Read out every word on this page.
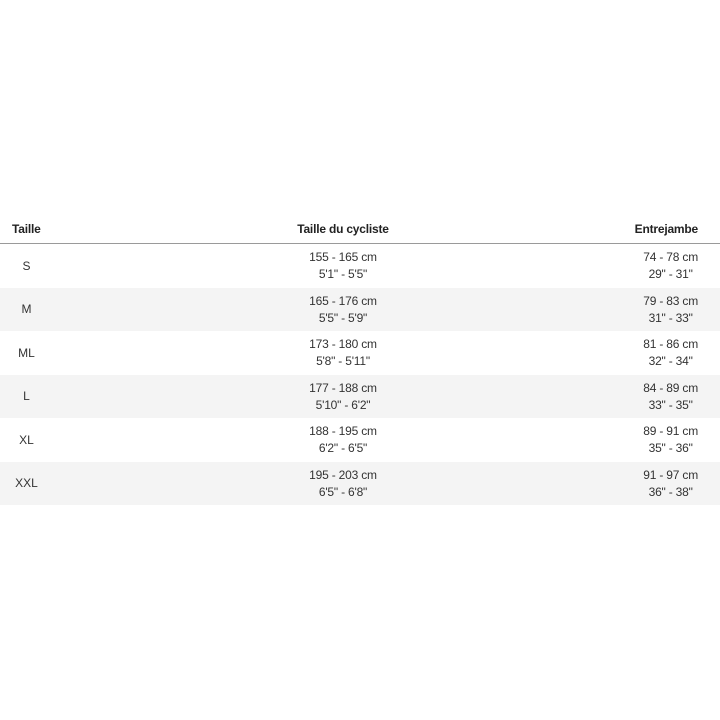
Taille	Taille du cycliste	Entrejambe
S
155 - 165 cm
5'1" - 5'5"
74 - 78 cm
29" - 31"
M
165 - 176 cm
5'5" - 5'9"
79 - 83 cm
31" - 33"
ML
173 - 180 cm
5'8" - 5'11"
81 - 86 cm
32" - 34"
L
177 - 188 cm
5'10" - 6'2"
84 - 89 cm
33" - 35"
XL
188 - 195 cm
6'2" - 6'5"
89 - 91 cm
35" - 36"
XXL
195 - 203 cm
6'5" - 6'8"
91 - 97 cm
36" - 38"
